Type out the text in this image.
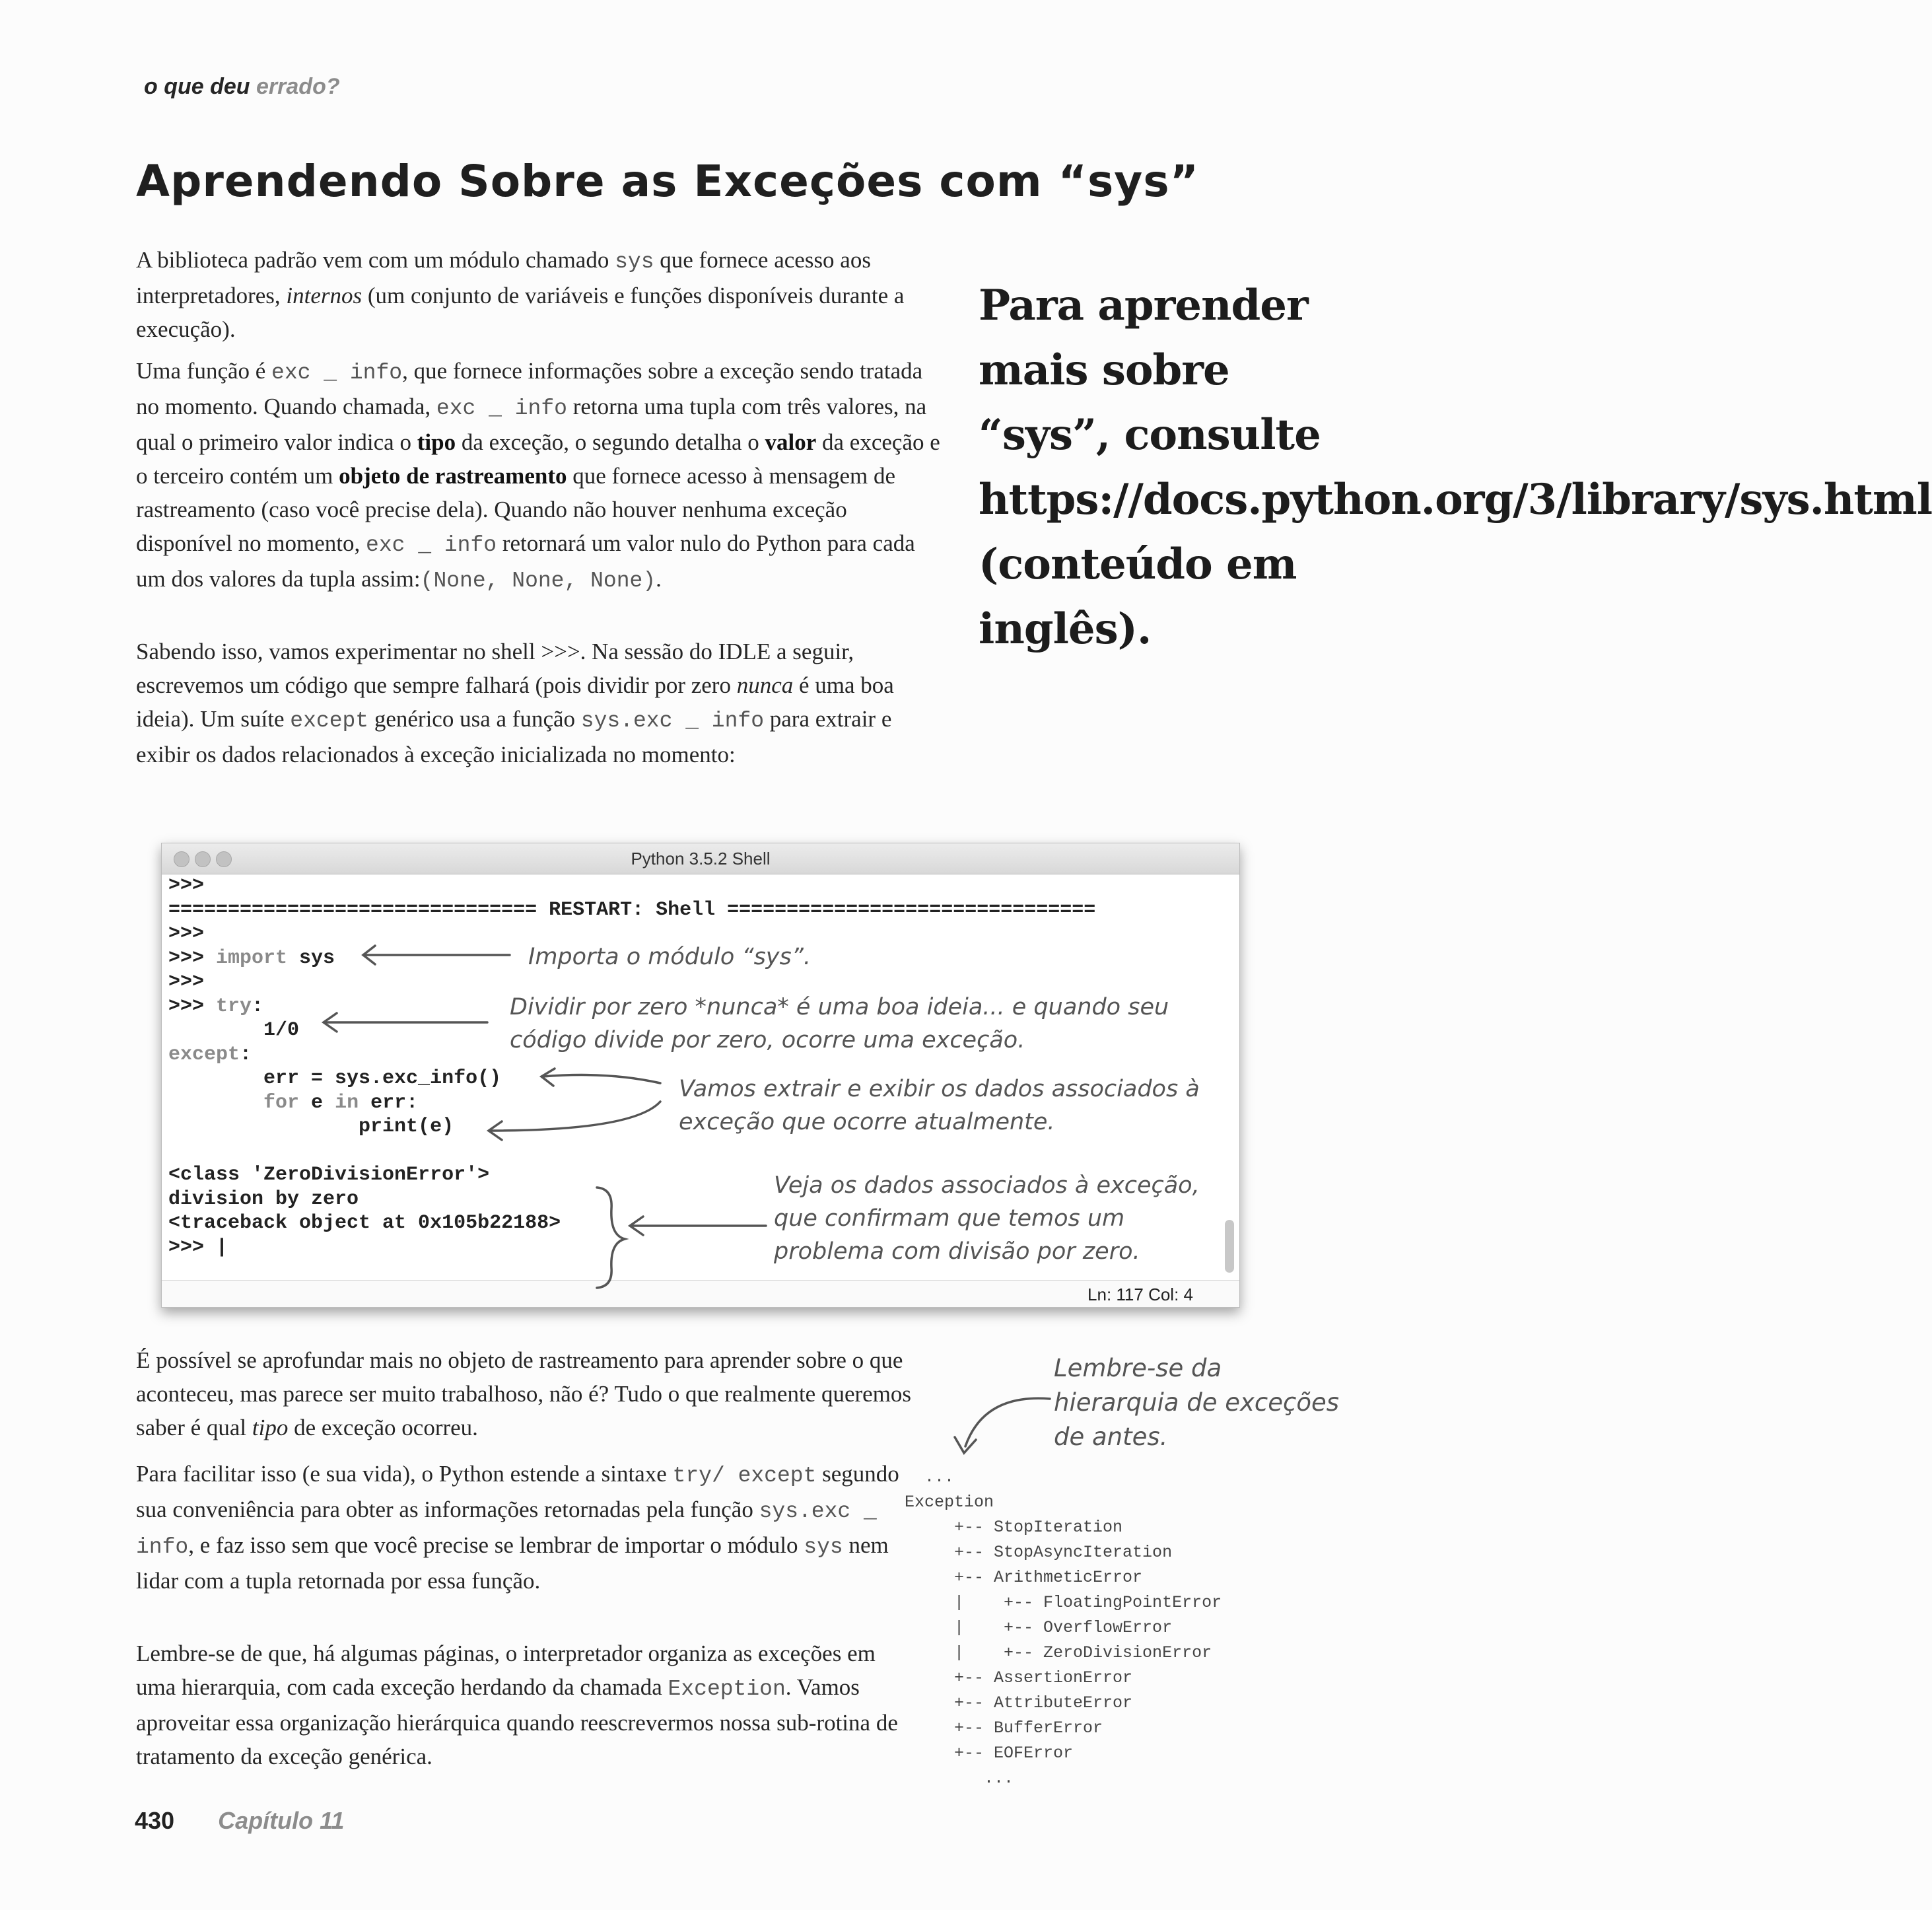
o que deu errado?
Aprendendo Sobre as Exceções com “sys”

A biblioteca padrão vem com um módulo chamado sys que fornece acesso aos interpretadores, internos (um conjunto de variáveis e funções disponíveis durante a execução).

Uma função é exc _ info, que fornece informações sobre a exceção sendo tratada no momento. Quando chamada, exc _ info retorna uma tupla com três valores, na qual o primeiro valor indica o tipo da exceção, o segundo detalha o valor da exceção e o terceiro contém um objeto de rastreamento que fornece acesso à mensagem de rastreamento (caso você precise dela). Quando não houver nenhuma exceção disponível no momento, exc _ info retornará um valor nulo do Python para cada um dos valores da tupla assim:(None, None, None).

Sabendo isso, vamos experimentar no shell >>>. Na sessão do IDLE a seguir, escrevemos um código que sempre falhará (pois dividir por zero nunca é uma boa ideia). Um suíte except genérico usa a função sys.exc _ info para extrair e exibir os dados relacionados à exceção inicializada no momento:

Para aprender mais sobre “sys”, consulte https://docs.python.org/3/library/sys.html (conteúdo em inglês).
Python 3.5.2 Shell
>>>
=============================== RESTART: Shell ===============================
>>>
>>> import sys
>>>
>>> try:
1/0
except:
err = sys.exc_info()
for e in err:
print(e)

<class 'ZeroDivisionError'>
division by zero
<traceback object at 0x105b22188>
>>> |
Ln: 117 Col: 4
Importa o módulo “sys”.
Dividir por zero *nunca* é uma boa ideia... e quando seu código divide por zero, ocorre uma exceção.
Vamos extrair e exibir os dados associados à exceção que ocorre atualmente.
Veja os dados associados à exceção, que confirmam que temos um problema com divisão por zero.

É possível se aprofundar mais no objeto de rastreamento para aprender sobre o que aconteceu, mas parece ser muito trabalhoso, não é? Tudo o que realmente queremos saber é qual tipo de exceção ocorreu.

Para facilitar isso (e sua vida), o Python estende a sintaxe try/ except segundo sua conveniência para obter as informações retornadas pela função sys.exc _ info, e faz isso sem que você precise se lembrar de importar o módulo sys nem lidar com a tupla retornada por essa função.

Lembre-se de que, há algumas páginas, o interpretador organiza as exceções em uma hierarquia, com cada exceção herdando da chamada Exception. Vamos aproveitar essa organização hierárquica quando reescrevermos nossa sub-rotina de tratamento da exceção genérica.

Lembre-se da hierarquia de exceções de antes.
...
Exception
+-- StopIteration
+-- StopAsyncIteration
+-- ArithmeticError
|    +-- FloatingPointError
|    +-- OverflowError
|    +-- ZeroDivisionError
+-- AssertionError
+-- AttributeError
+-- BufferError
+-- EOFError
...
430 Capítulo 11
